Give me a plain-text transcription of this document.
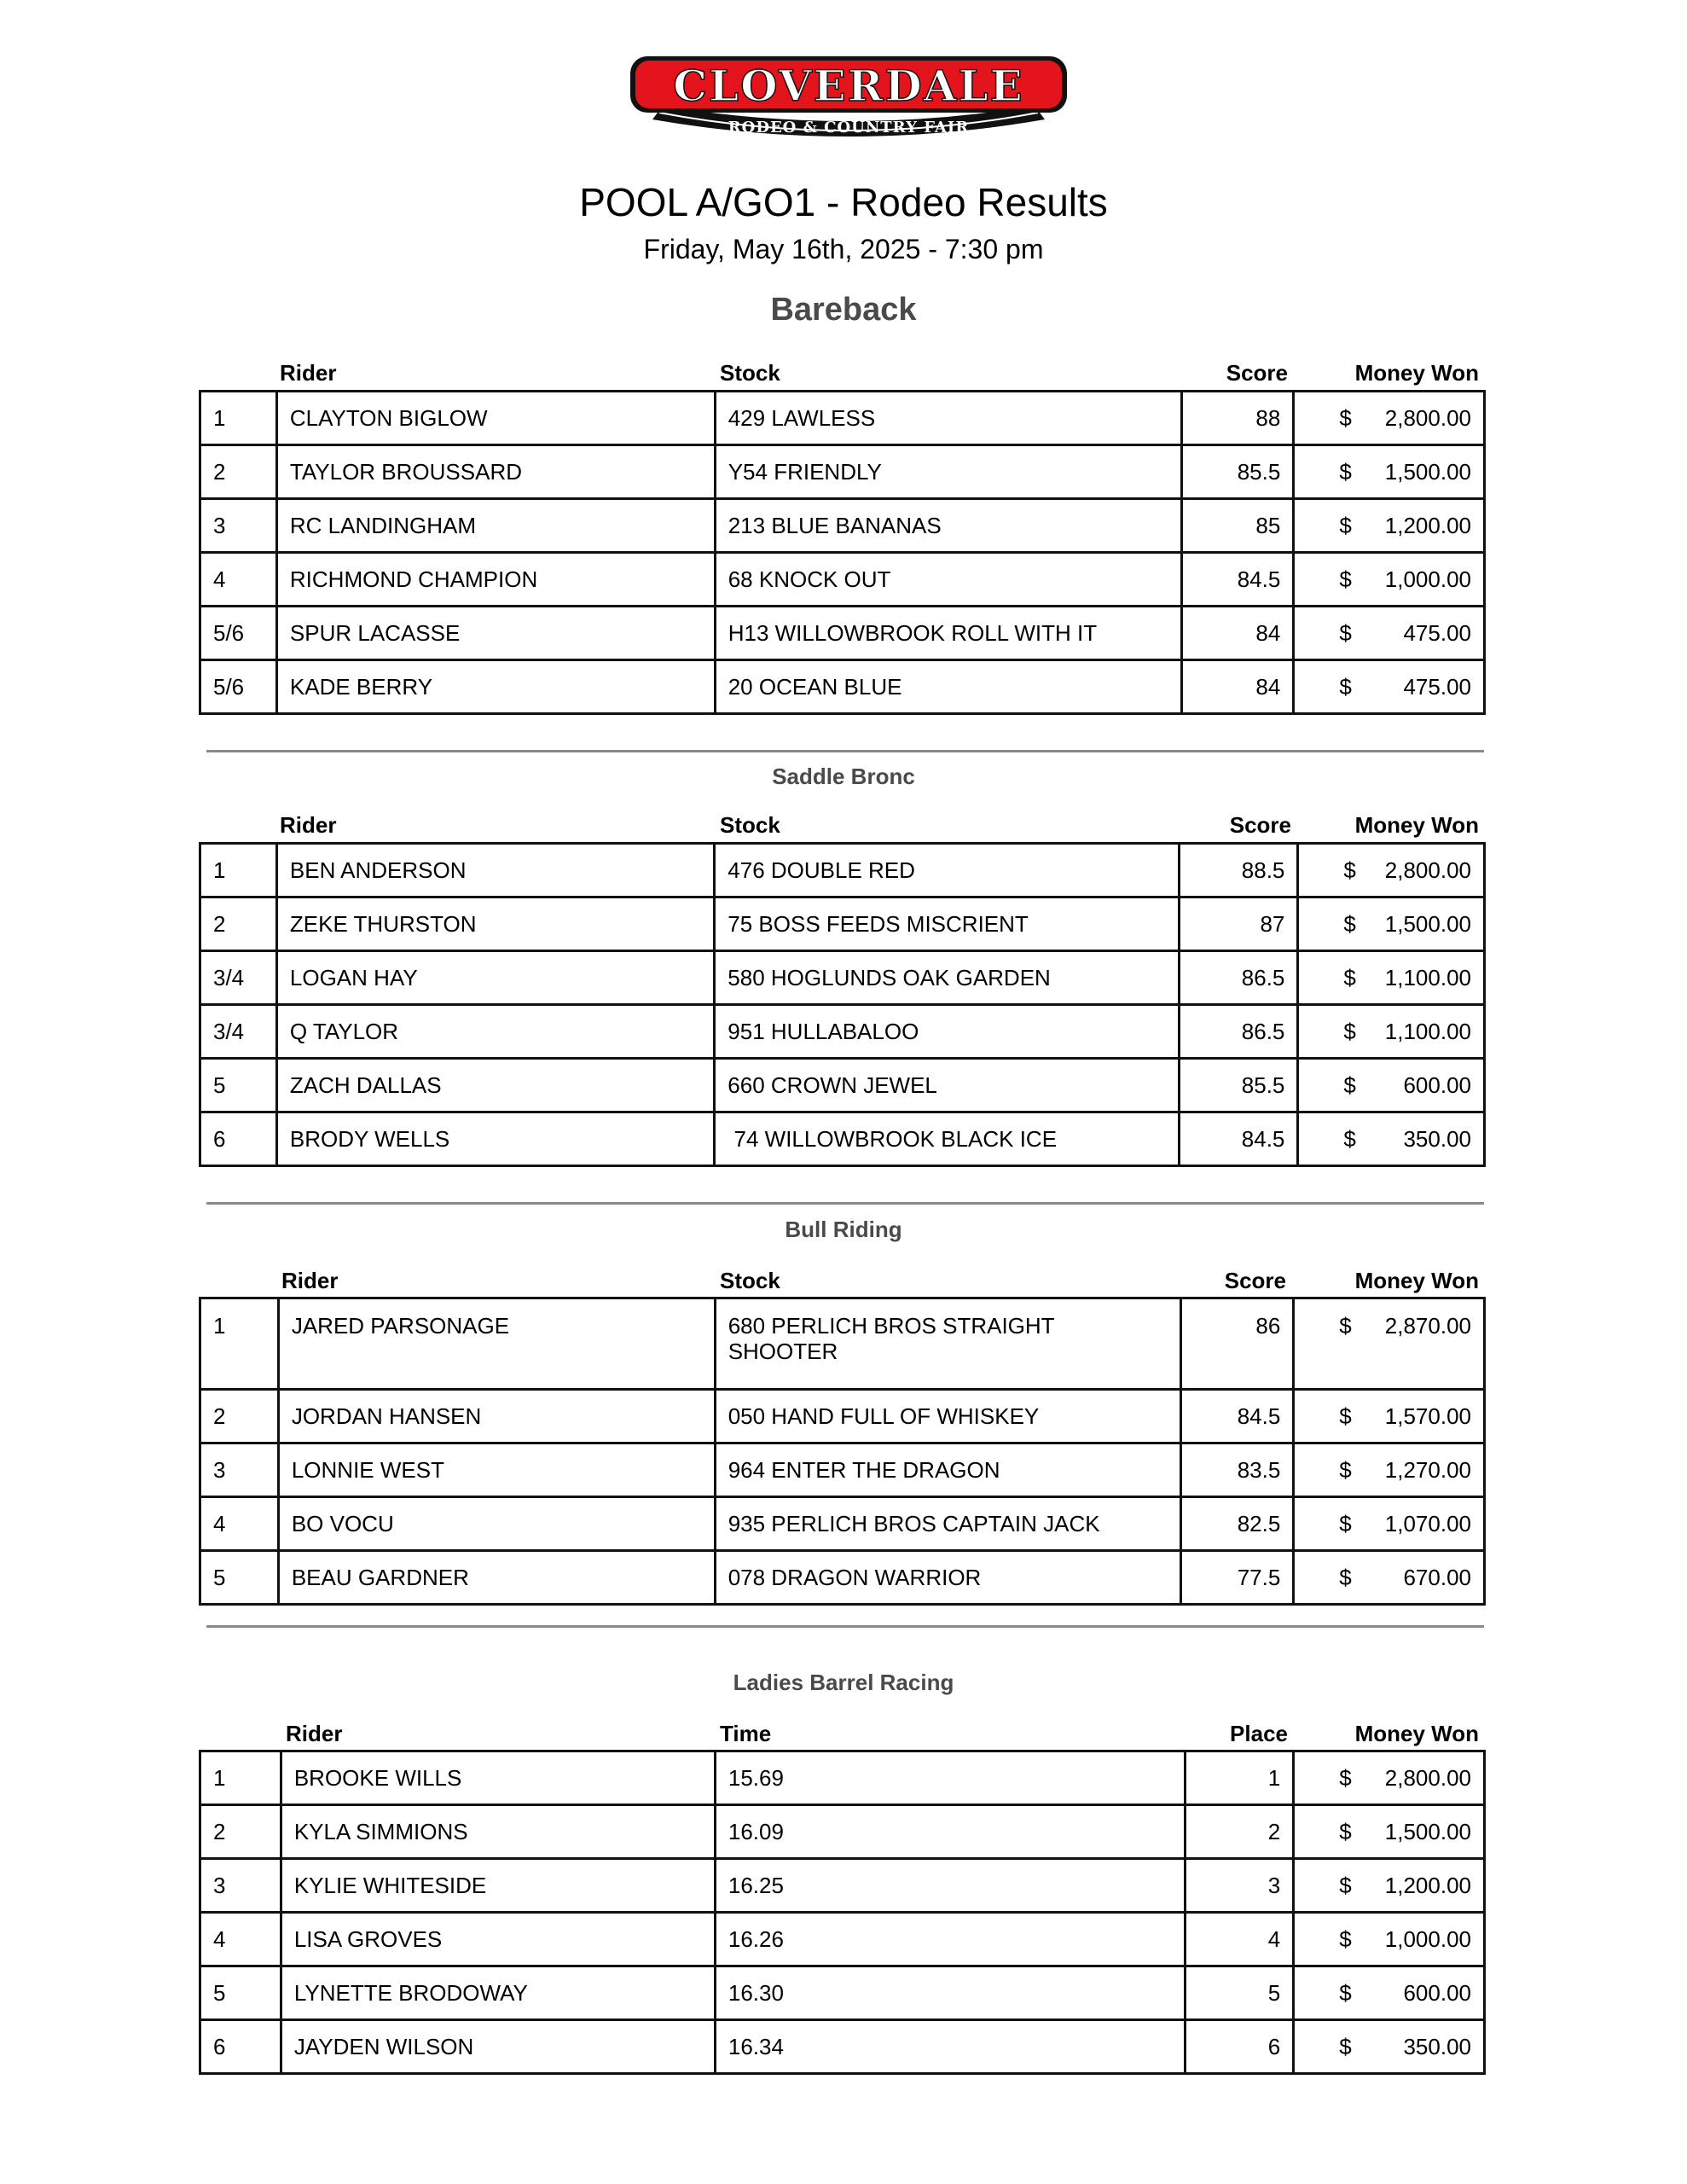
CLOVERDALE
RODEO & COUNTRY FAIR
POOL A/GO1 - Rodeo Results
Friday, May 16th, 2025 - 7:30 pm
Bareback
Rider	Stock	Score	Money Won
1	CLAYTON BIGLOW	429 LAWLESS	88	$ 2,800.00
2	TAYLOR BROUSSARD	Y54 FRIENDLY	85.5	$ 1,500.00
3	RC LANDINGHAM	213 BLUE BANANAS	85	$ 1,200.00
4	RICHMOND CHAMPION	68 KNOCK OUT	84.5	$ 1,000.00
5/6	SPUR LACASSE	H13 WILLOWBROOK ROLL WITH IT	84	$ 475.00
5/6	KADE BERRY	20 OCEAN BLUE	84	$ 475.00
Saddle Bronc
Rider	Stock	Score	Money Won
1	BEN ANDERSON	476 DOUBLE RED	88.5	$ 2,800.00
2	ZEKE THURSTON	75 BOSS FEEDS MISCRIENT	87	$ 1,500.00
3/4	LOGAN HAY	580 HOGLUNDS OAK GARDEN	86.5	$ 1,100.00
3/4	Q TAYLOR	951 HULLABALOO	86.5	$ 1,100.00
5	ZACH DALLAS	660 CROWN JEWEL	85.5	$ 600.00
6	BRODY WELLS	74 WILLOWBROOK BLACK ICE	84.5	$ 350.00
Bull Riding
Rider	Stock	Score	Money Won
1	JARED PARSONAGE	680 PERLICH BROS STRAIGHT SHOOTER	86	$ 2,870.00
2	JORDAN HANSEN	050 HAND FULL OF WHISKEY	84.5	$ 1,570.00
3	LONNIE WEST	964 ENTER THE DRAGON	83.5	$ 1,270.00
4	BO VOCU	935 PERLICH BROS CAPTAIN JACK	82.5	$ 1,070.00
5	BEAU GARDNER	078 DRAGON WARRIOR	77.5	$ 670.00
Ladies Barrel Racing
Rider	Time	Place	Money Won
1	BROOKE WILLS	15.69	1	$ 2,800.00
2	KYLA SIMMIONS	16.09	2	$ 1,500.00
3	KYLIE WHITESIDE	16.25	3	$ 1,200.00
4	LISA GROVES	16.26	4	$ 1,000.00
5	LYNETTE BRODOWAY	16.30	5	$ 600.00
6	JAYDEN WILSON	16.34	6	$ 350.00
